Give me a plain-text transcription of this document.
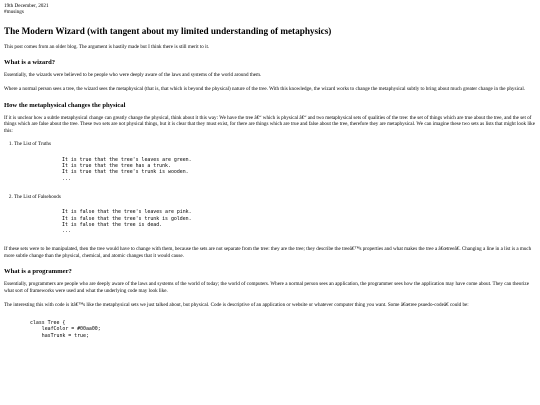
19th December, 2021
#musings
The Modern Wizard (with tangent about my limited understanding of metaphysics)

This post comes from an older blog. The argument is hastily made but I think there is still merit to it.

What is a wizard?

Essentially, the wizards were believed to be people who were deeply aware of the laws and systems of the world around them.

Where a normal person sees a tree, the wizard sees the metaphysical (that is, that which is beyond the physical) nature of the tree. With this knowledge, the wizard works to change the metaphysical subtly to bring about much greater change in the physical.

How the metaphysical changes the physical

If it is unclear how a subtle metaphysical change can greatly change the physical, think about it this way: We have the tree â€“ which is physical â€“ and two metaphysical sets of qualities of the tree: the set of things which are true about the tree, and the set of things which are false about the tree. These two sets are not physical things, but it is clear that they must exist, for there are things which are true and false about the tree, therefore they are metaphysical. We can imagine these two sets as lists that might look like this:

1. The List of Truths
It is true that the tree's leaves are green.
It is true that the tree has a trunk.
It is true that the tree's trunk is wooden.
...
2. The List of Falsehoods
It is false that the tree's leaves are pink.
It is false that the tree's trunk is golden.
It is false that the tree is dead.
...

If these sets were to be manipulated, then the tree would have to change with them, because the sets are not separate from the tree: they are the tree; they describe the treeâ€™s properties and what makes the tree a â€œtreeâ€. Changing a line in a list is a much more subtle change than the physical, chemical, and atomic changes that it would cause.

What is a programmer?

Essentially, programmers are people who are deeply aware of the laws and systems of the world of today; the world of computers. Where a normal person sees an application, the programmer sees how the application may have come about. They can theorize what sort of frameworks were used and what the underlying code may look like.

The interesting this with code is itâ€™s like the metaphysical sets we just talked about, but physical. Code is descriptive of an application or website or whatever computer thing you want. Some â€œtree psuedo-codeâ€ could be:

class Tree {
leafColor = #00aa00;
hasTrunk = true;
